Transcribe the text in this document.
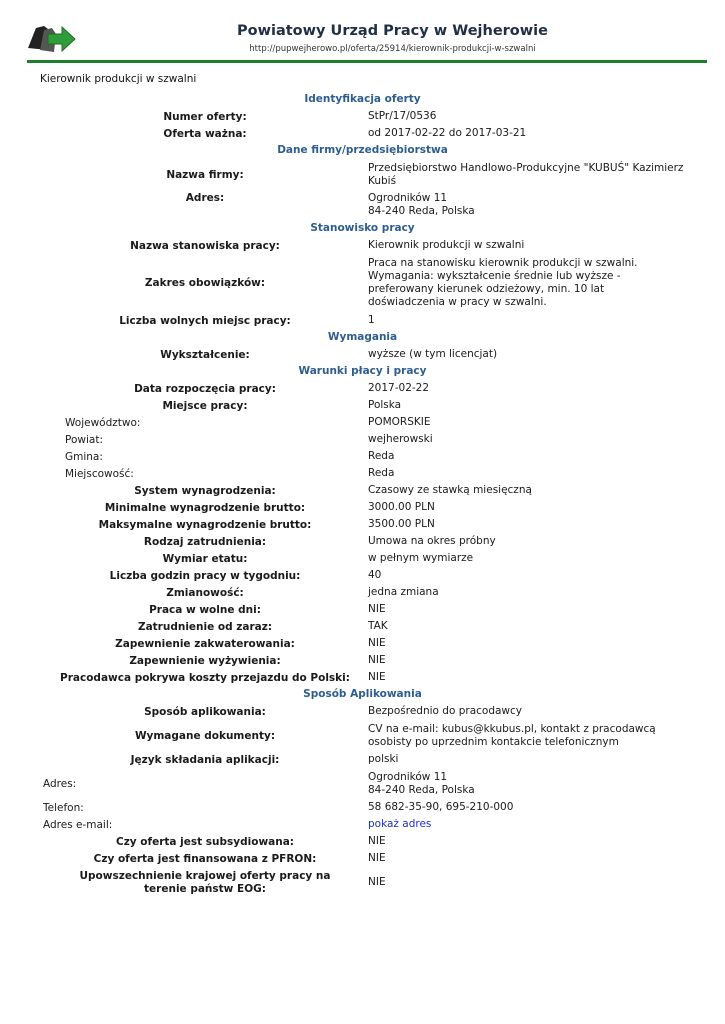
Powiatowy Urząd Pracy w Wejherowie
http://pupwejherowo.pl/oferta/25914/kierownik-produkcji-w-szwalni
Kierownik produkcji w szwalni
Identyfikacja oferty
Numer oferty:	StPr/17/0536
Oferta ważna:	od 2017-02-22 do 2017-03-21
Dane firmy/przedsiębiorstwa
Nazwa firmy:
Przedsiębiorstwo Handlowo-Produkcyjne "KUBUŚ" Kazimierz Kubiś
Adres:	Ogrodników 11
84-240 Reda, Polska
Stanowisko pracy
Nazwa stanowiska pracy:	Kierownik produkcji w szwalni
Zakres obowiązków:
Praca na stanowisku kierownik produkcji w szwalni.
Wymagania: wykształcenie średnie lub wyższe - preferowany kierunek odzieżowy, min. 10 lat doświadczenia w pracy w szwalni.
Liczba wolnych miejsc pracy:	1
Wymagania
Wykształcenie:	wyższe (w tym licencjat)
Warunki płacy i pracy
Data rozpoczęcia pracy:	2017-02-22
Miejsce pracy:	Polska
Województwo:	POMORSKIE
Powiat:	wejherowski
Gmina:	Reda
Miejscowość:	Reda
System wynagrodzenia:	Czasowy ze stawką miesięczną
Minimalne wynagrodzenie brutto:	3000.00 PLN
Maksymalne wynagrodzenie brutto:	3500.00 PLN
Rodzaj zatrudnienia:	Umowa na okres próbny
Wymiar etatu:	w pełnym wymiarze
Liczba godzin pracy w tygodniu:	40
Zmianowość:	jedna zmiana
Praca w wolne dni:	NIE
Zatrudnienie od zaraz:	TAK
Zapewnienie zakwaterowania:	NIE
Zapewnienie wyżywienia:	NIE
Pracodawca pokrywa koszty przejazdu do Polski:	NIE
Sposób Aplikowania
Sposób aplikowania:	Bezpośrednio do pracodawcy
Wymagane dokumenty:
CV na e-mail: kubus@kkubus.pl, kontakt z pracodawcą osobisty po uprzednim kontakcie telefonicznym
Język składania aplikacji:	polski
Adres:
Ogrodników 11
84-240 Reda, Polska
Telefon:	58 682-35-90, 695-210-000
Adres e-mail:	pokaż adres
Czy oferta jest subsydiowana:	NIE
Czy oferta jest finansowana z PFRON:	NIE
Upowszechnienie krajowej oferty pracy na terenie państw EOG:
NIE
